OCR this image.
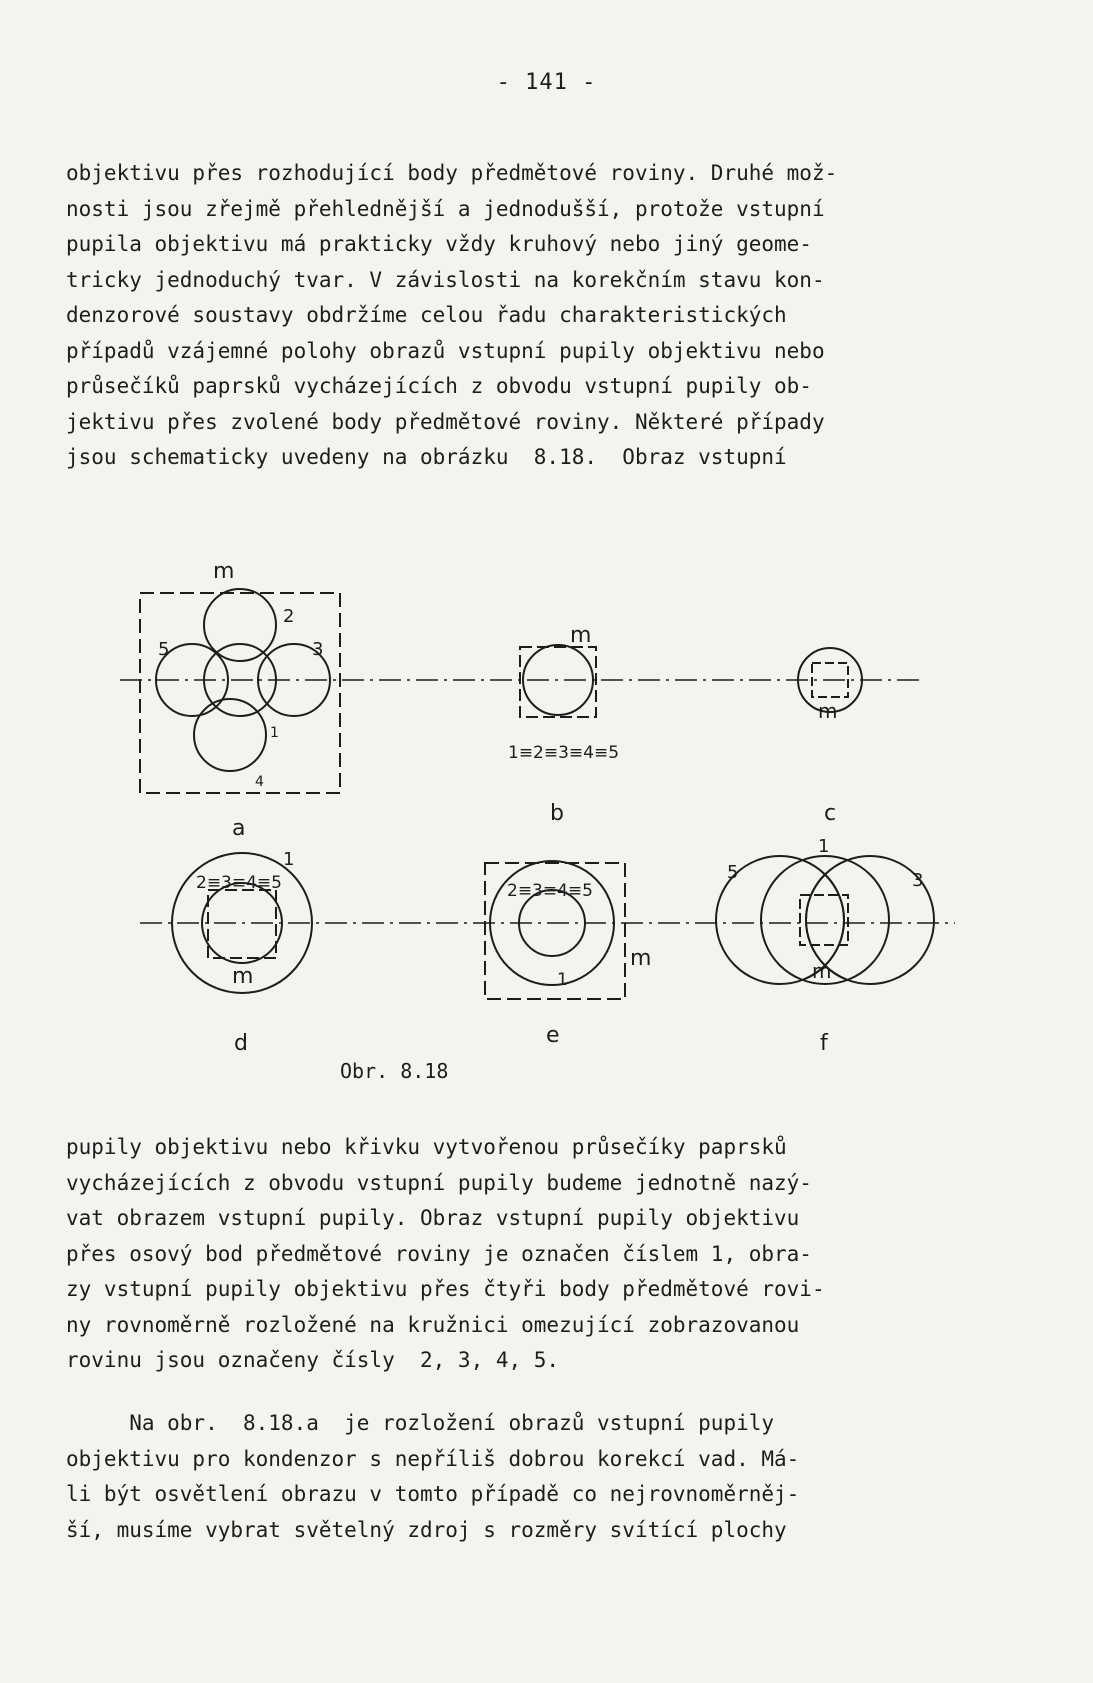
- 141 -
objektivu přes rozhodující body předmětové roviny. Druhé mož-
nosti jsou zřejmě přehlednější a jednodušší, protože vstupní
pupila objektivu má prakticky vždy kruhový nebo jiný geome-
tricky jednoduchý tvar. V závislosti na korekčním stavu kon-
denzorové soustavy obdržíme celou řadu charakteristických
případů vzájemné polohy obrazů vstupní pupily objektivu nebo
průsečíků paprsků vycházejících z obvodu vstupní pupily ob-
jektivu přes zvolené body předmětové roviny. Některé případy
jsou schematicky uvedeny na obrázku  8.18.  Obraz vstupní
m
2
3
5
1
4
a
m
1≡2≡3≡4≡5
b
m
c
1
2≡3≡4≡5
m
d
2≡3≡4≡5
1
m
e
1
5	3
m
f
Obr. 8.18
pupily objektivu nebo křivku vytvořenou průsečíky paprsků
vycházejících z obvodu vstupní pupily budeme jednotně nazý-
vat obrazem vstupní pupily. Obraz vstupní pupily objektivu
přes osový bod předmětové roviny je označen číslem 1, obra-
zy vstupní pupily objektivu přes čtyři body předmětové rovi-
ny rovnoměrně rozložené na kružnici omezující zobrazovanou
rovinu jsou označeny čísly  2, 3, 4, 5.
Na obr.  8.18.a  je rozložení obrazů vstupní pupily
objektivu pro kondenzor s nepříliš dobrou korekcí vad. Má-
li být osvětlení obrazu v tomto případě co nejrovnoměrněj-
ší, musíme vybrat světelný zdroj s rozměry svítící plochy
